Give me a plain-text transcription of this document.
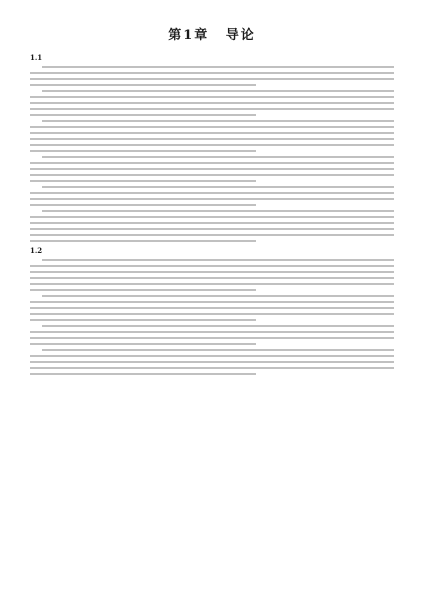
第1章 导论
1.1
1.2
